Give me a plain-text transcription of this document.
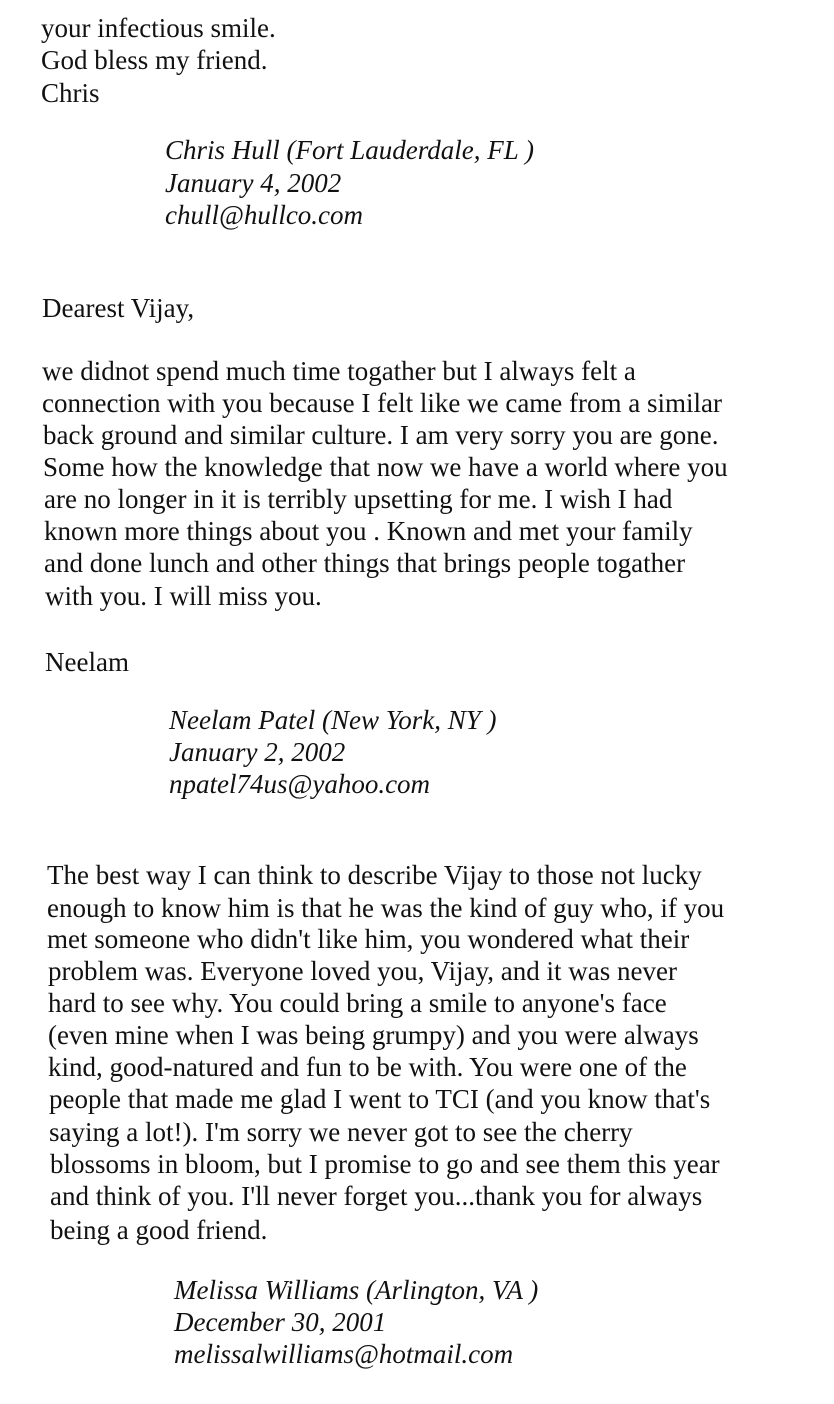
your infectious smile.
God bless my friend.
Chris
Chris Hull (Fort Lauderdale, FL )
January 4, 2002
chull@hullco.com
Dearest Vijay,
we didnot spend much time togather but I always felt a
connection with you because I felt like we came from a similar
back ground and similar culture. I am very sorry you are gone.
Some how the knowledge that now we have a world where you
are no longer in it is terribly upsetting for me. I wish I had
known more things about you . Known and met your family
and done lunch and other things that brings people togather
with you. I will miss you.
Neelam
Neelam Patel (New York, NY )
January 2, 2002
npatel74us@yahoo.com
The best way I can think to describe Vijay to those not lucky
enough to know him is that he was the kind of guy who, if you
met someone who didn't like him, you wondered what their
problem was. Everyone loved you, Vijay, and it was never
hard to see why. You could bring a smile to anyone's face
(even mine when I was being grumpy) and you were always
kind, good-natured and fun to be with. You were one of the
people that made me glad I went to TCI (and you know that's
saying a lot!). I'm sorry we never got to see the cherry
blossoms in bloom, but I promise to go and see them this year
and think of you. I'll never forget you...thank you for always
being a good friend.
Melissa Williams (Arlington, VA )
December 30, 2001
melissalwilliams@hotmail.com
